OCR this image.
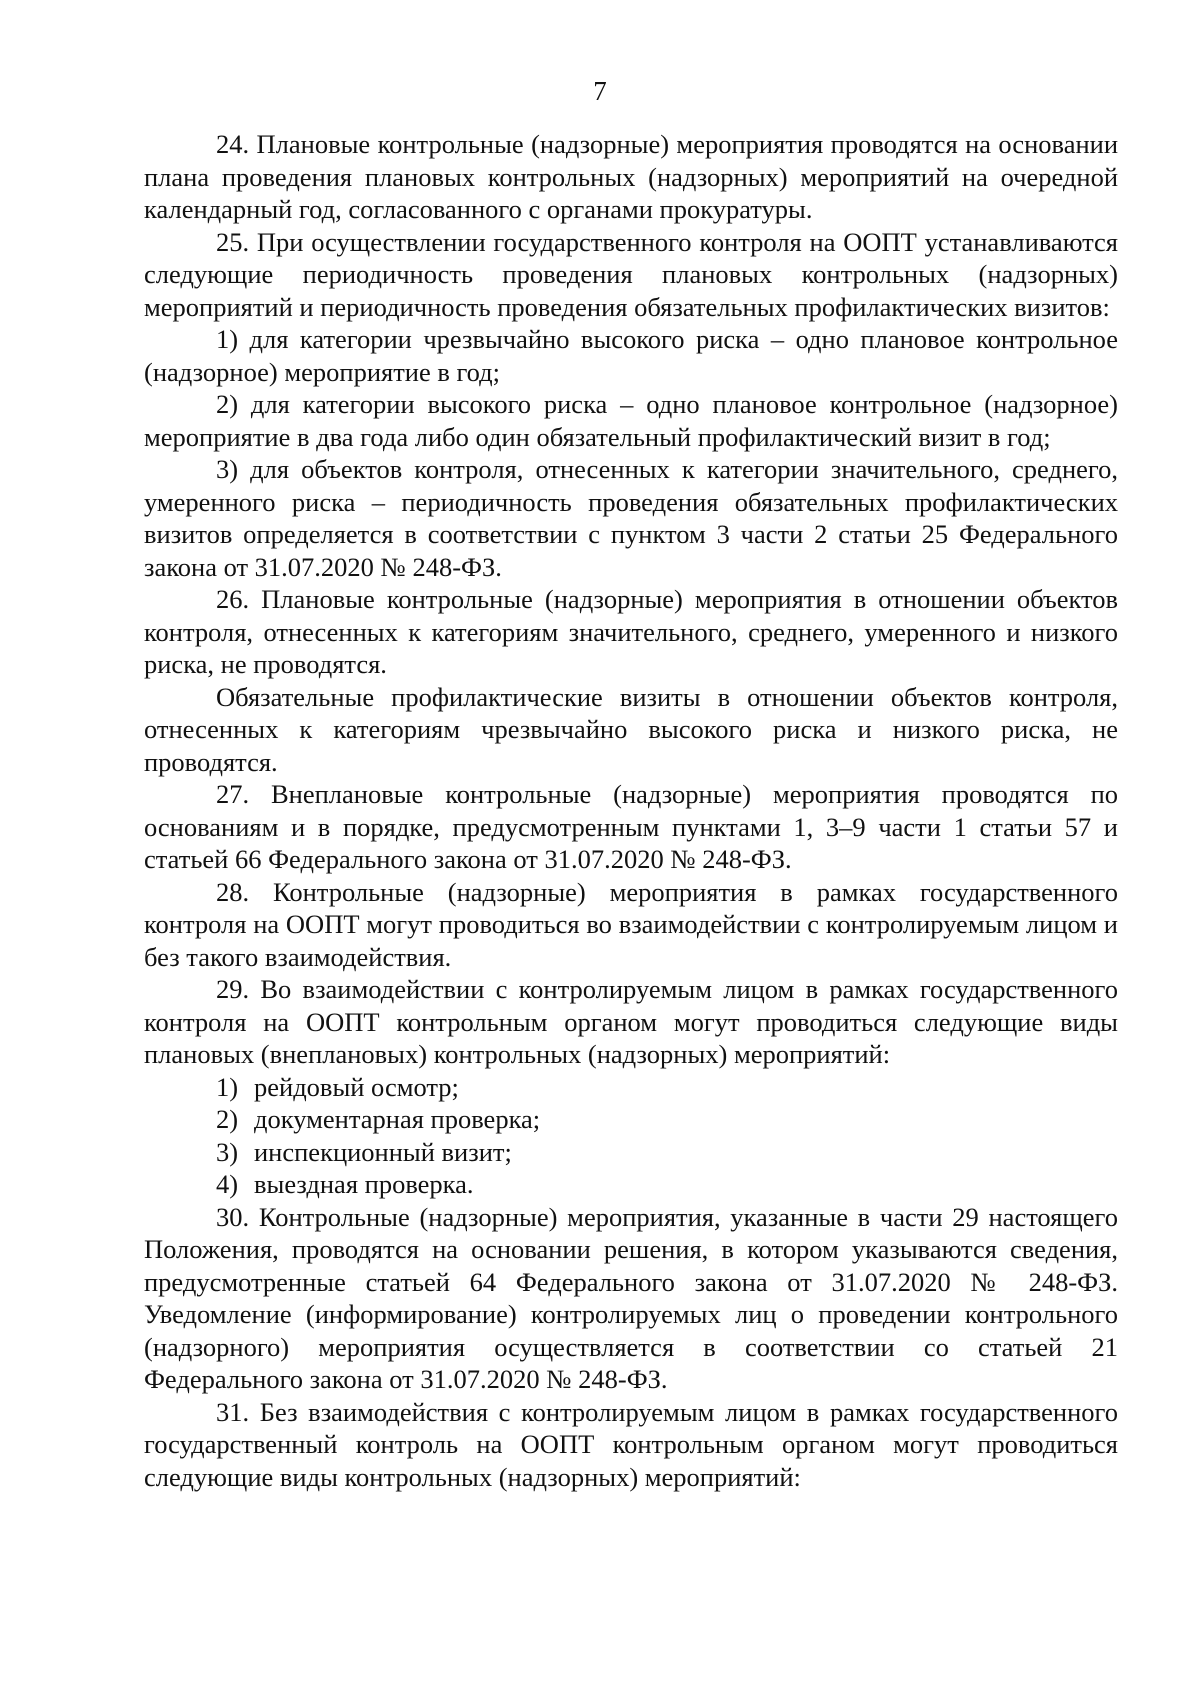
7

24. Плановые контрольные (надзорные) мероприятия проводятся на основании плана проведения плановых контрольных (надзорных) мероприятий на очередной календарный год, согласованного с органами прокуратуры.

25. При осуществлении государственного контроля на ООПТ устанавливаются следующие периодичность проведения плановых контрольных (надзорных) мероприятий и периодичность проведения обязательных профилактических визитов:

1) для категории чрезвычайно высокого риска – одно плановое контрольное (надзорное) мероприятие в год;

2) для категории высокого риска – одно плановое контрольное (надзорное) мероприятие в два года либо один обязательный профилактический визит в год;

3) для объектов контроля, отнесенных к категории значительного, среднего, умеренного риска – периодичность проведения обязательных профилактических визитов определяется в соответствии с пунктом 3 части 2 статьи 25 Федерального закона от 31.07.2020 № 248-ФЗ.

26. Плановые контрольные (надзорные) мероприятия в отношении объектов контроля, отнесенных к категориям значительного, среднего, умеренного и низкого риска, не проводятся.

Обязательные профилактические визиты в отношении объектов контроля, отнесенных к категориям чрезвычайно высокого риска и низкого риска, не проводятся.

27. Внеплановые контрольные (надзорные) мероприятия проводятся по основаниям и в порядке, предусмотренным пунктами 1, 3–9 части 1 статьи 57 и статьей 66 Федерального закона от 31.07.2020 № 248-ФЗ.

28. Контрольные (надзорные) мероприятия в рамках государственного контроля на ООПТ могут проводиться во взаимодействии с контролируемым лицом и без такого взаимодействия.

29. Во взаимодействии с контролируемым лицом в рамках государственного контроля на ООПТ контрольным органом могут проводиться следующие виды плановых (внеплановых) контрольных (надзорных) мероприятий:

1) рейдовый осмотр;
2) документарная проверка;
3) инспекционный визит;
4) выездная проверка.

30. Контрольные (надзорные) мероприятия, указанные в части 29 настоящего Положения, проводятся на основании решения, в котором указываются сведения, предусмотренные статьей 64 Федерального закона от 31.07.2020 № 248-ФЗ. Уведомление (информирование) контролируемых лиц о проведении контрольного (надзорного) мероприятия осуществляется в соответствии со статьей 21 Федерального закона от 31.07.2020 № 248-ФЗ.

31. Без взаимодействия с контролируемым лицом в рамках государственного государственный контроль на ООПТ контрольным органом могут проводиться следующие виды контрольных (надзорных) мероприятий:
